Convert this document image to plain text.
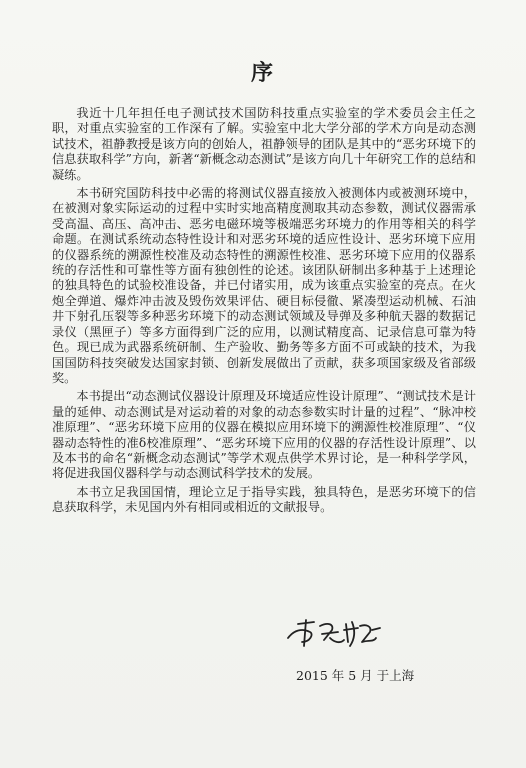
序

我近十几年担任电子测试技术国防科技重点实验室的学术委员会主任之职，对重点实验室的工作深有了解。实验室中北大学分部的学术方向是动态测试技术，祖静教授是该方向的创始人，祖静领导的团队是其中的“恶劣环境下的信息获取科学”方向，新著“新概念动态测试”是该方向几十年研究工作的总结和凝练。

本书研究国防科技中必需的将测试仪器直接放入被测体内或被测环境中，在被测对象实际运动的过程中实时实地高精度测取其动态参数，测试仪器需承受高温、高压、高冲击、恶劣电磁环境等极端恶劣环境力的作用等相关的科学命题。在测试系统动态特性设计和对恶劣环境的适应性设计、恶劣环境下应用的仪器系统的溯源性校准及动态特性的溯源性校准、恶劣环境下应用的仪器系统的存活性和可靠性等方面有独创性的论述。该团队研制出多种基于上述理论的独具特色的试验校准设备，并已付诸实用，成为该重点实验室的亮点。在火炮全弹道、爆炸冲击波及毁伤效果评估、硬目标侵徹、紧凑型运动机械、石油井下射孔压裂等多种恶劣环境下的动态测试领域及导弹及多种航天器的数据记录仪（黑匣子）等多方面得到广泛的应用，以测试精度高、记录信息可靠为特色。现已成为武器系统研制、生产验收、勤务等多方面不可或缺的技术，为我国国防科技突破发达国家封锁、创新发展做出了贡献，获多项国家级及省部级奖。

本书提出“动态测试仪器设计原理及环境适应性设计原理”、“测试技术是计量的延伸、动态测试是对运动着的对象的动态参数实时计量的过程”、“脉冲校准原理”、“恶劣环境下应用的仪器在模拟应用环境下的溯源性校准原理”、“仪器动态特性的准δ校准原理”、“恶劣环境下应用的仪器的存活性设计原理”、以及本书的命名“新概念动态测试”等学术观点供学术界讨论，是一种科学学风，将促进我国仪器科学与动态测试科学技术的发展。

本书立足我国国情，理论立足于指导实践，独具特色，是恶劣环境下的信息获取科学，未见国内外有相同或相近的文献报导。

2015 年 5 月 于上海
